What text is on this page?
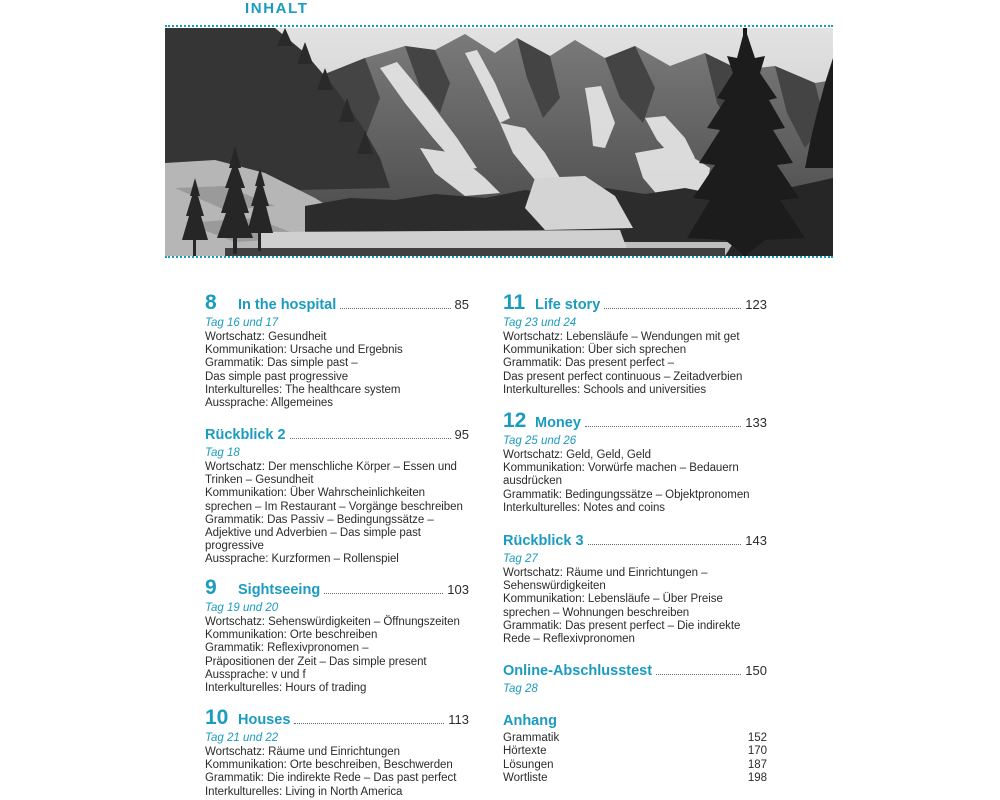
INHALT
8	In the hospital	85
Tag 16 und 17
Wortschatz: Gesundheit
Kommunikation: Ursache und Ergebnis
Grammatik: Das simple past –
Das simple past progressive
Interkulturelles: The healthcare system
Aussprache: Allgemeines
Rückblick 2	95
Tag 18
Wortschatz: Der menschliche Körper – Essen und
Trinken – Gesundheit
Kommunikation: Über Wahrscheinlichkeiten
sprechen – Im Restaurant – Vorgänge beschreiben
Grammatik: Das Passiv – Bedingungssätze –
Adjektive und Adverbien – Das simple past
progressive
Aussprache: Kurzformen – Rollenspiel
9	Sightseeing	103
Tag 19 und 20
Wortschatz: Sehenswürdigkeiten – Öffnungszeiten
Kommunikation: Orte beschreiben
Grammatik: Reflexivpronomen –
Präpositionen der Zeit – Das simple present
Aussprache: v und f
Interkulturelles: Hours of trading
10 Houses	113
Tag 21 und 22
Wortschatz: Räume und Einrichtungen
Kommunikation: Orte beschreiben, Beschwerden
Grammatik: Die indirekte Rede – Das past perfect
Interkulturelles: Living in North America
11 Life story	123
Tag 23 und 24
Wortschatz: Lebensläufe – Wendungen mit get
Kommunikation: Über sich sprechen
Grammatik: Das present perfect –
Das present perfect continuous – Zeitadverbien
Interkulturelles: Schools and universities
12 Money	133
Tag 25 und 26
Wortschatz: Geld, Geld, Geld
Kommunikation: Vorwürfe machen – Bedauern
ausdrücken
Grammatik: Bedingungssätze – Objektpronomen
Interkulturelles: Notes and coins
Rückblick 3	143
Tag 27
Wortschatz: Räume und Einrichtungen –
Sehenswürdigkeiten
Kommunikation: Lebensläufe – Über Preise
sprechen – Wohnungen beschreiben
Grammatik: Das present perfect – Die indirekte
Rede – Reflexivpronomen
Online-Abschlusstest	150
Tag 28
Anhang
Grammatik	152
Hörtexte	170
Lösungen	187
Wortliste	198
